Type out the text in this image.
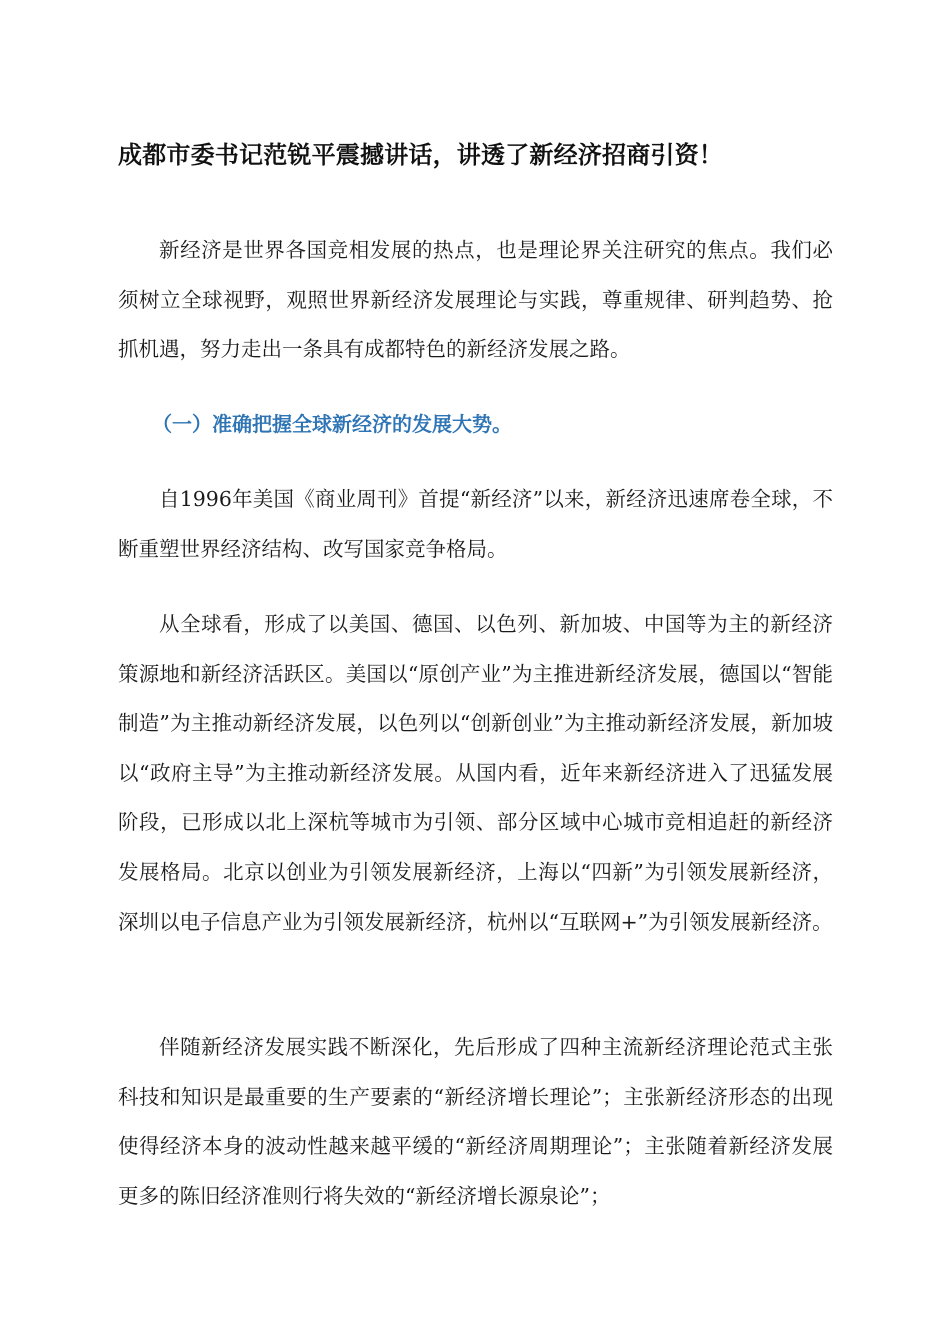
成都市委书记范锐平震撼讲话，讲透了新经济招商引资！

新经济是世界各国竞相发展的热点，也是理论界关注研究的焦点。我们必须树立全球视野，观照世界新经济发展理论与实践，尊重规律、研判趋势、抢抓机遇，努力走出一条具有成都特色的新经济发展之路。

（一）准确把握全球新经济的发展大势。

自1996年美国《商业周刊》首提“新经济”以来，新经济迅速席卷全球，不断重塑世界经济结构、改写国家竞争格局。

从全球看，形成了以美国、德国、以色列、新加坡、中国等为主的新经济策源地和新经济活跃区。美国以“原创产业”为主推进新经济发展，德国以“智能制造”为主推动新经济发展，以色列以“创新创业”为主推动新经济发展，新加坡以“政府主导”为主推动新经济发展。从国内看，近年来新经济进入了迅猛发展阶段，已形成以北上深杭等城市为引领、部分区域中心城市竞相追赶的新经济发展格局。北京以创业为引领发展新经济，上海以“四新”为引领发展新经济，深圳以电子信息产业为引领发展新经济，杭州以“互联网+”为引领发展新经济。

伴随新经济发展实践不断深化，先后形成了四种主流新经济理论范式主张科技和知识是最重要的生产要素的“新经济增长理论”；主张新经济形态的出现使得经济本身的波动性越来越平缓的“新经济周期理论”；主张随着新经济发展更多的陈旧经济准则行将失效的“新经济增长源泉论”；
